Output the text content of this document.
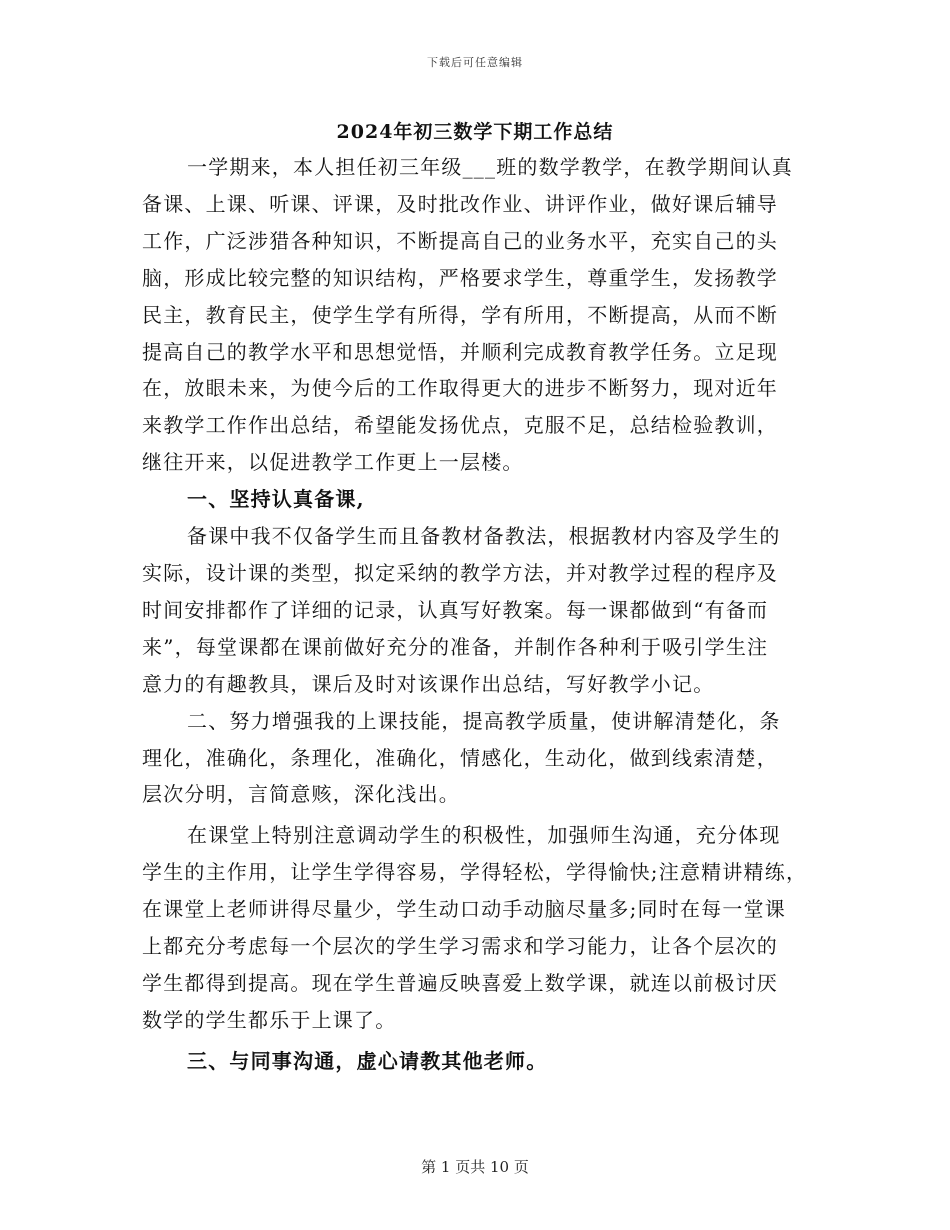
下载后可任意编辑
2024年初三数学下期工作总结

一学期来，本人担任初三年级___班的数学教学，在教学期间认真
备课、上课、听课、评课，及时批改作业、讲评作业，做好课后辅导
工作，广泛涉猎各种知识，不断提高自己的业务水平，充实自己的头
脑，形成比较完整的知识结构，严格要求学生，尊重学生，发扬教学
民主，教育民主，使学生学有所得，学有所用，不断提高，从而不断
提高自己的教学水平和思想觉悟，并顺利完成教育教学任务。立足现
在，放眼未来，为使今后的工作取得更大的进步不断努力，现对近年
来教学工作作出总结，希望能发扬优点，克服不足，总结检验教训，
继往开来，以促进教学工作更上一层楼。

一、坚持认真备课,

备课中我不仅备学生而且备教材备教法，根据教材内容及学生的
实际，设计课的类型，拟定采纳的教学方法，并对教学过程的程序及
时间安排都作了详细的记录，认真写好教案。每一课都做到“有备而
来”，每堂课都在课前做好充分的准备，并制作各种利于吸引学生注
意力的有趣教具，课后及时对该课作出总结，写好教学小记。

二、努力增强我的上课技能，提高教学质量，使讲解清楚化，条
理化，准确化，条理化，准确化，情感化，生动化，做到线索清楚，
层次分明，言简意赅，深化浅出。

在课堂上特别注意调动学生的积极性，加强师生沟通，充分体现
学生的主作用，让学生学得容易，学得轻松，学得愉快;注意精讲精练，
在课堂上老师讲得尽量少，学生动口动手动脑尽量多;同时在每一堂课
上都充分考虑每一个层次的学生学习需求和学习能力，让各个层次的
学生都得到提高。现在学生普遍反映喜爱上数学课，就连以前极讨厌
数学的学生都乐于上课了。

三、与同事沟通，虚心请教其他老师。
第 1 页共 10 页
